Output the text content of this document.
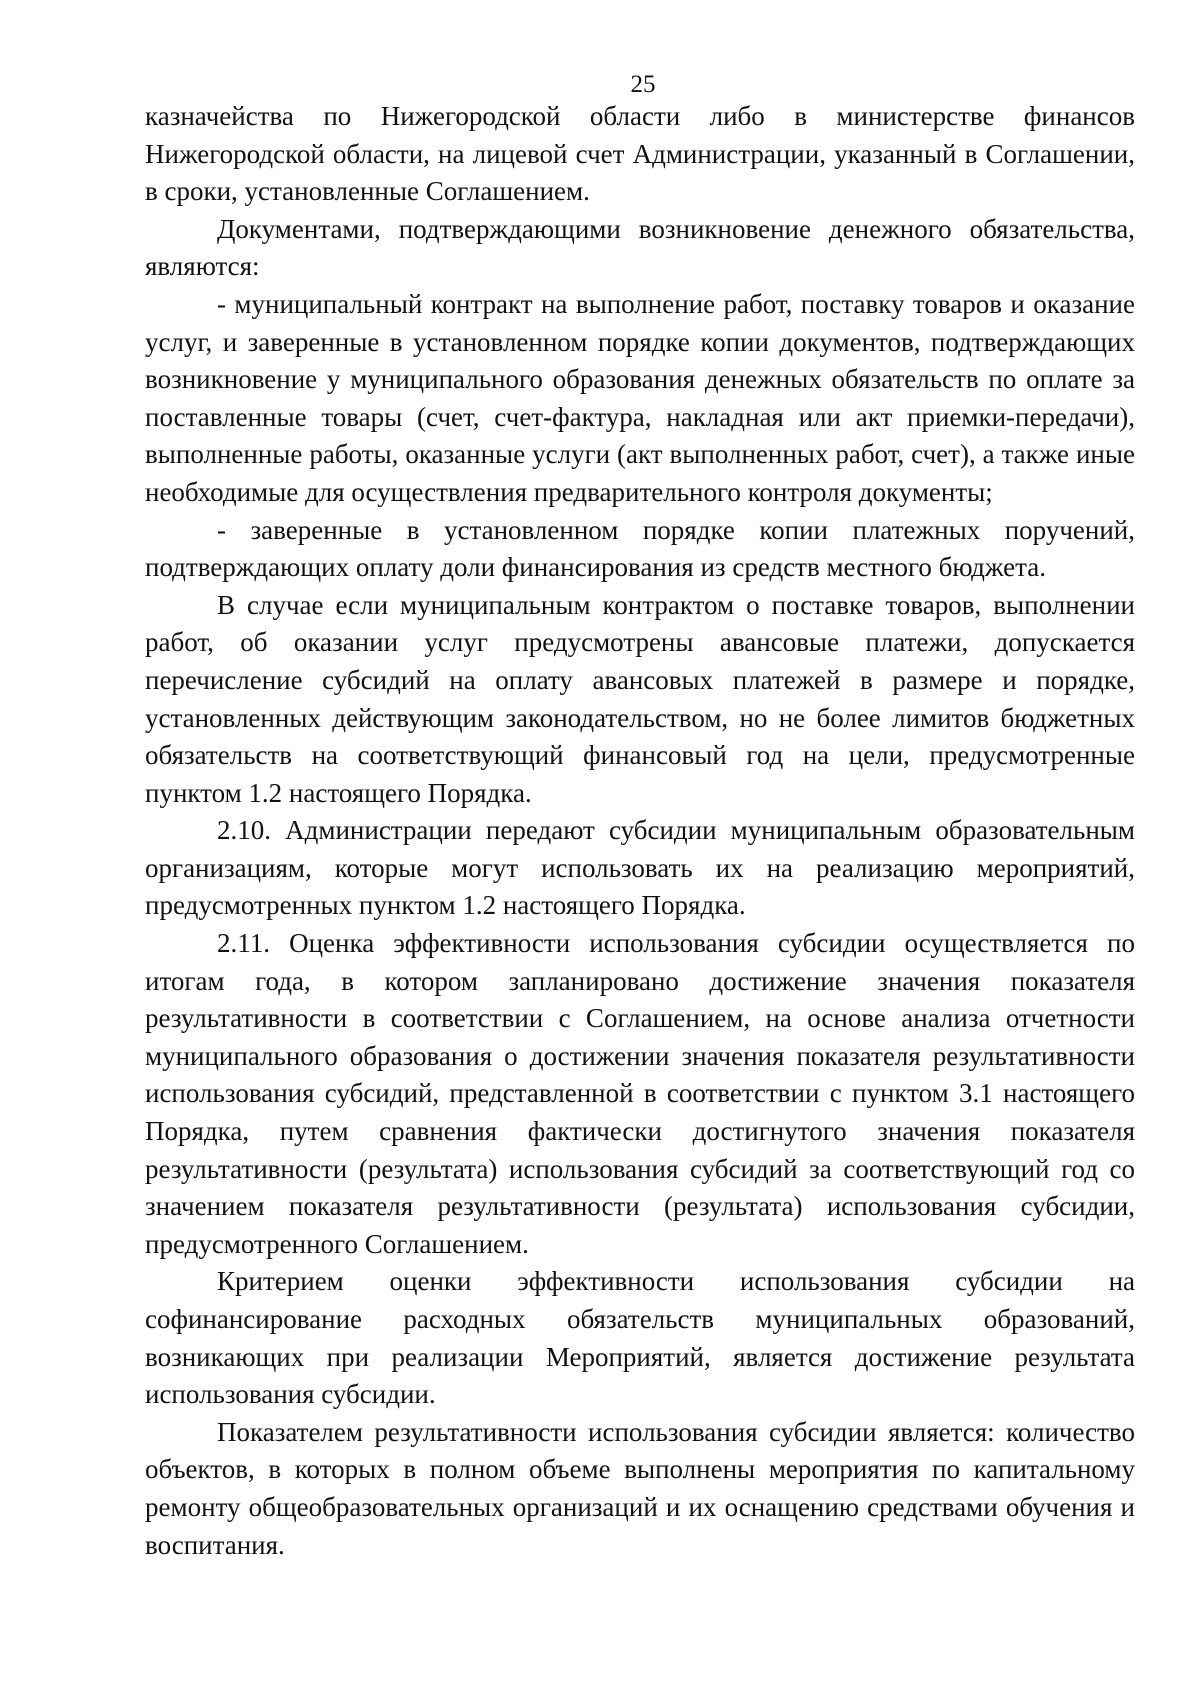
25

казначейства по Нижегородской области либо в министерстве финансов Нижегородской области, на лицевой счет Администрации, указанный в Соглашении, в сроки, установленные Соглашением.

Документами, подтверждающими возникновение денежного обязательства, являются:

- муниципальный контракт на выполнение работ, поставку товаров и оказание услуг, и заверенные в установленном порядке копии документов, подтверждающих возникновение у муниципального образования денежных обязательств по оплате за поставленные товары (счет, счет-фактура, накладная или акт приемки-передачи), выполненные работы, оказанные услуги (акт выполненных работ, счет), а также иные необходимые для осуществления предварительного контроля документы;

- заверенные в установленном порядке копии платежных поручений, подтверждающих оплату доли финансирования из средств местного бюджета.

В случае если муниципальным контрактом о поставке товаров, выполнении работ, об оказании услуг предусмотрены авансовые платежи, допускается перечисление субсидий на оплату авансовых платежей в размере и порядке, установленных действующим законодательством, но не более лимитов бюджетных обязательств на соответствующий финансовый год на цели, предусмотренные пунктом 1.2 настоящего Порядка.

2.10. Администрации передают субсидии муниципальным образовательным организациям, которые могут использовать их на реализацию мероприятий, предусмотренных пунктом 1.2 настоящего Порядка.

2.11. Оценка эффективности использования субсидии осуществляется по итогам года, в котором запланировано достижение значения показателя результативности в соответствии с Соглашением, на основе анализа отчетности муниципального образования о достижении значения показателя результативности использования субсидий, представленной в соответствии с пунктом 3.1 настоящего Порядка, путем сравнения фактически достигнутого значения показателя результативности (результата) использования субсидий за соответствующий год со значением показателя результативности (результата) использования субсидии, предусмотренного Соглашением.

Критерием оценки эффективности использования субсидии на софинансирование расходных обязательств муниципальных образований, возникающих при реализации Мероприятий, является достижение результата использования субсидии.

Показателем результативности использования субсидии является: количество объектов, в которых в полном объеме выполнены мероприятия по капитальному ремонту общеобразовательных организаций и их оснащению средствами обучения и воспитания.
